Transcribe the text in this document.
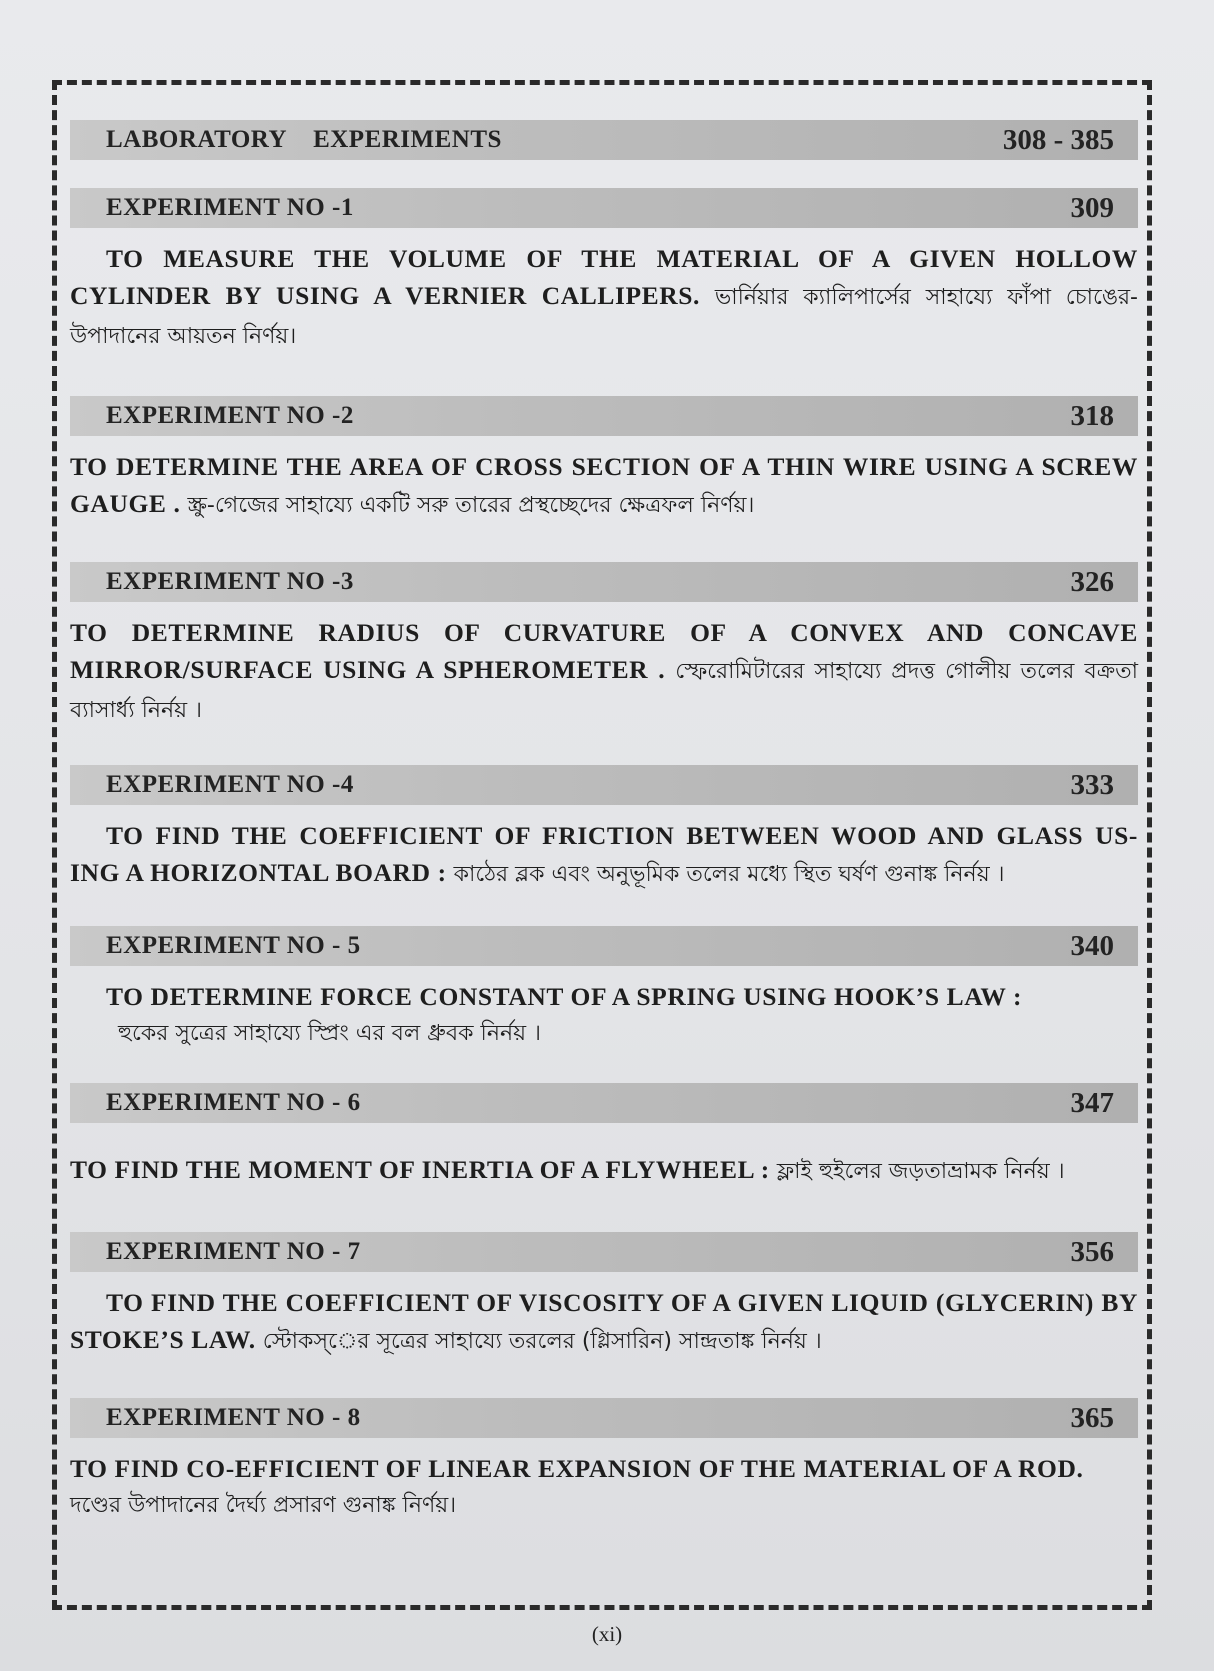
LABORATORY    EXPERIMENTS	308 - 385
EXPERIMENT NO -1	309
TO MEASURE THE VOLUME OF THE MATERIAL OF A GIVEN HOLLOW CYLINDER BY USING A VERNIER CALLIPERS. ভার্নিয়ার ক্যালিপার্সের সাহায্যে ফাঁপা চোঙের-উপাদানের আয়তন নির্ণয়।
EXPERIMENT NO -2	318
TO DETERMINE THE AREA OF CROSS SECTION OF A THIN WIRE USING A SCREW GAUGE . স্ক্রু-গেজের সাহায্যে একটি সরু তারের প্রস্থচ্ছেদের ক্ষেত্রফল নির্ণয়।
EXPERIMENT NO -3	326
TO DETERMINE RADIUS OF CURVATURE OF A CONVEX AND CONCAVE MIRROR/SURFACE USING A SPHEROMETER . স্ফেরোমিটারের সাহায্যে প্রদত্ত গোলীয় তলের বক্রতা ব্যাসার্ধ্য নির্নয় ।
EXPERIMENT NO -4	333
TO FIND THE COEFFICIENT OF FRICTION BETWEEN WOOD AND GLASS US-ING A HORIZONTAL BOARD : কাঠের ব্লক এবং অনুভূমিক তলের মধ্যে স্থিত ঘর্ষণ গুনাঙ্ক নির্নয় ।
EXPERIMENT NO - 5	340
TO DETERMINE FORCE CONSTANT OF A SPRING USING HOOK’S LAW :
হুকের সুত্রের সাহায্যে স্প্রিং এর বল ধ্রুবক নির্নয় ।
EXPERIMENT NO - 6	347
TO FIND THE MOMENT OF INERTIA OF A FLYWHEEL : ফ্লাই হুইলের জড়তাভ্রামক নির্নয় ।
EXPERIMENT NO - 7	356
TO FIND THE COEFFICIENT OF VISCOSITY OF A GIVEN LIQUID (GLYCERIN) BY STOKE’S LAW. স্টোকস্‌ের সূত্রের সাহায্যে তরলের (গ্লিসারিন) সান্দ্রতাঙ্ক নির্নয় ।
EXPERIMENT NO - 8	365
TO FIND CO-EFFICIENT OF LINEAR EXPANSION OF THE MATERIAL OF A ROD.
দণ্ডের উপাদানের দৈর্ঘ্য প্রসারণ গুনাঙ্ক নির্ণয়।
(xi)
